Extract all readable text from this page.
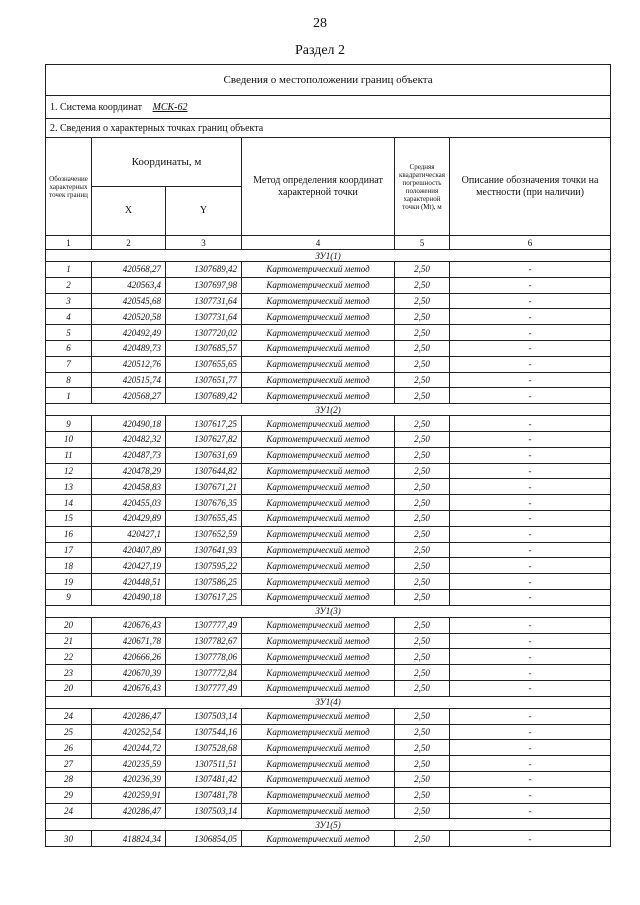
28
Раздел 2
Сведения о местоположении границ объекта					
1. Система координат МСК-62					
2. Сведения о характерных точках границ объекта					
Обозначение характерных точек границ	Координаты, м		Метод определения координат характерной точки	Средняя квадратическая погрешность положения характерной точки (Mt), м	Описание обозначения точки на местности (при наличии)
	X	Y			
1	2	3	4	5	6
ЗУ1(1)					
1	420568,27	1307689,42	Картометрический метод	2,50	-
2	420563,4	1307697,98	Картометрический метод	2,50	-
3	420545,68	1307731,64	Картометрический метод	2,50	-
4	420520,58	1307731,64	Картометрический метод	2,50	-
5	420492,49	1307720,02	Картометрический метод	2,50	-
6	420489,73	1307685,57	Картометрический метод	2,50	-
7	420512,76	1307655,65	Картометрический метод	2,50	-
8	420515,74	1307651,77	Картометрический метод	2,50	-
1	420568,27	1307689,42	Картометрический метод	2,50	-
ЗУ1(2)					
9	420490,18	1307617,25	Картометрический метод	2,50	-
10	420482,32	1307627,82	Картометрический метод	2,50	-
11	420487,73	1307631,69	Картометрический метод	2,50	-
12	420478,29	1307644,82	Картометрический метод	2,50	-
13	420458,83	1307671,21	Картометрический метод	2,50	-
14	420455,03	1307676,35	Картометрический метод	2,50	-
15	420429,89	1307655,45	Картометрический метод	2,50	-
16	420427,1	1307652,59	Картометрический метод	2,50	-
17	420407,89	1307641,93	Картометрический метод	2,50	-
18	420427,19	1307595,22	Картометрический метод	2,50	-
19	420448,51	1307586,25	Картометрический метод	2,50	-
9	420490,18	1307617,25	Картометрический метод	2,50	-
ЗУ1(3)					
20	420676,43	1307777,49	Картометрический метод	2,50	-
21	420671,78	1307782,67	Картометрический метод	2,50	-
22	420666,26	1307778,06	Картометрический метод	2,50	-
23	420670,39	1307772,84	Картометрический метод	2,50	-
20	420676,43	1307777,49	Картометрический метод	2,50	-
ЗУ1(4)					
24	420286,47	1307503,14	Картометрический метод	2,50	-
25	420252,54	1307544,16	Картометрический метод	2,50	-
26	420244,72	1307528,68	Картометрический метод	2,50	-
27	420235,59	1307511,51	Картометрический метод	2,50	-
28	420236,39	1307481,42	Картометрический метод	2,50	-
29	420259,91	1307481,78	Картометрический метод	2,50	-
24	420286,47	1307503,14	Картометрический метод	2,50	-
ЗУ1(5)					
30	418824,34	1306854,05	Картометрический метод	2,50	-
